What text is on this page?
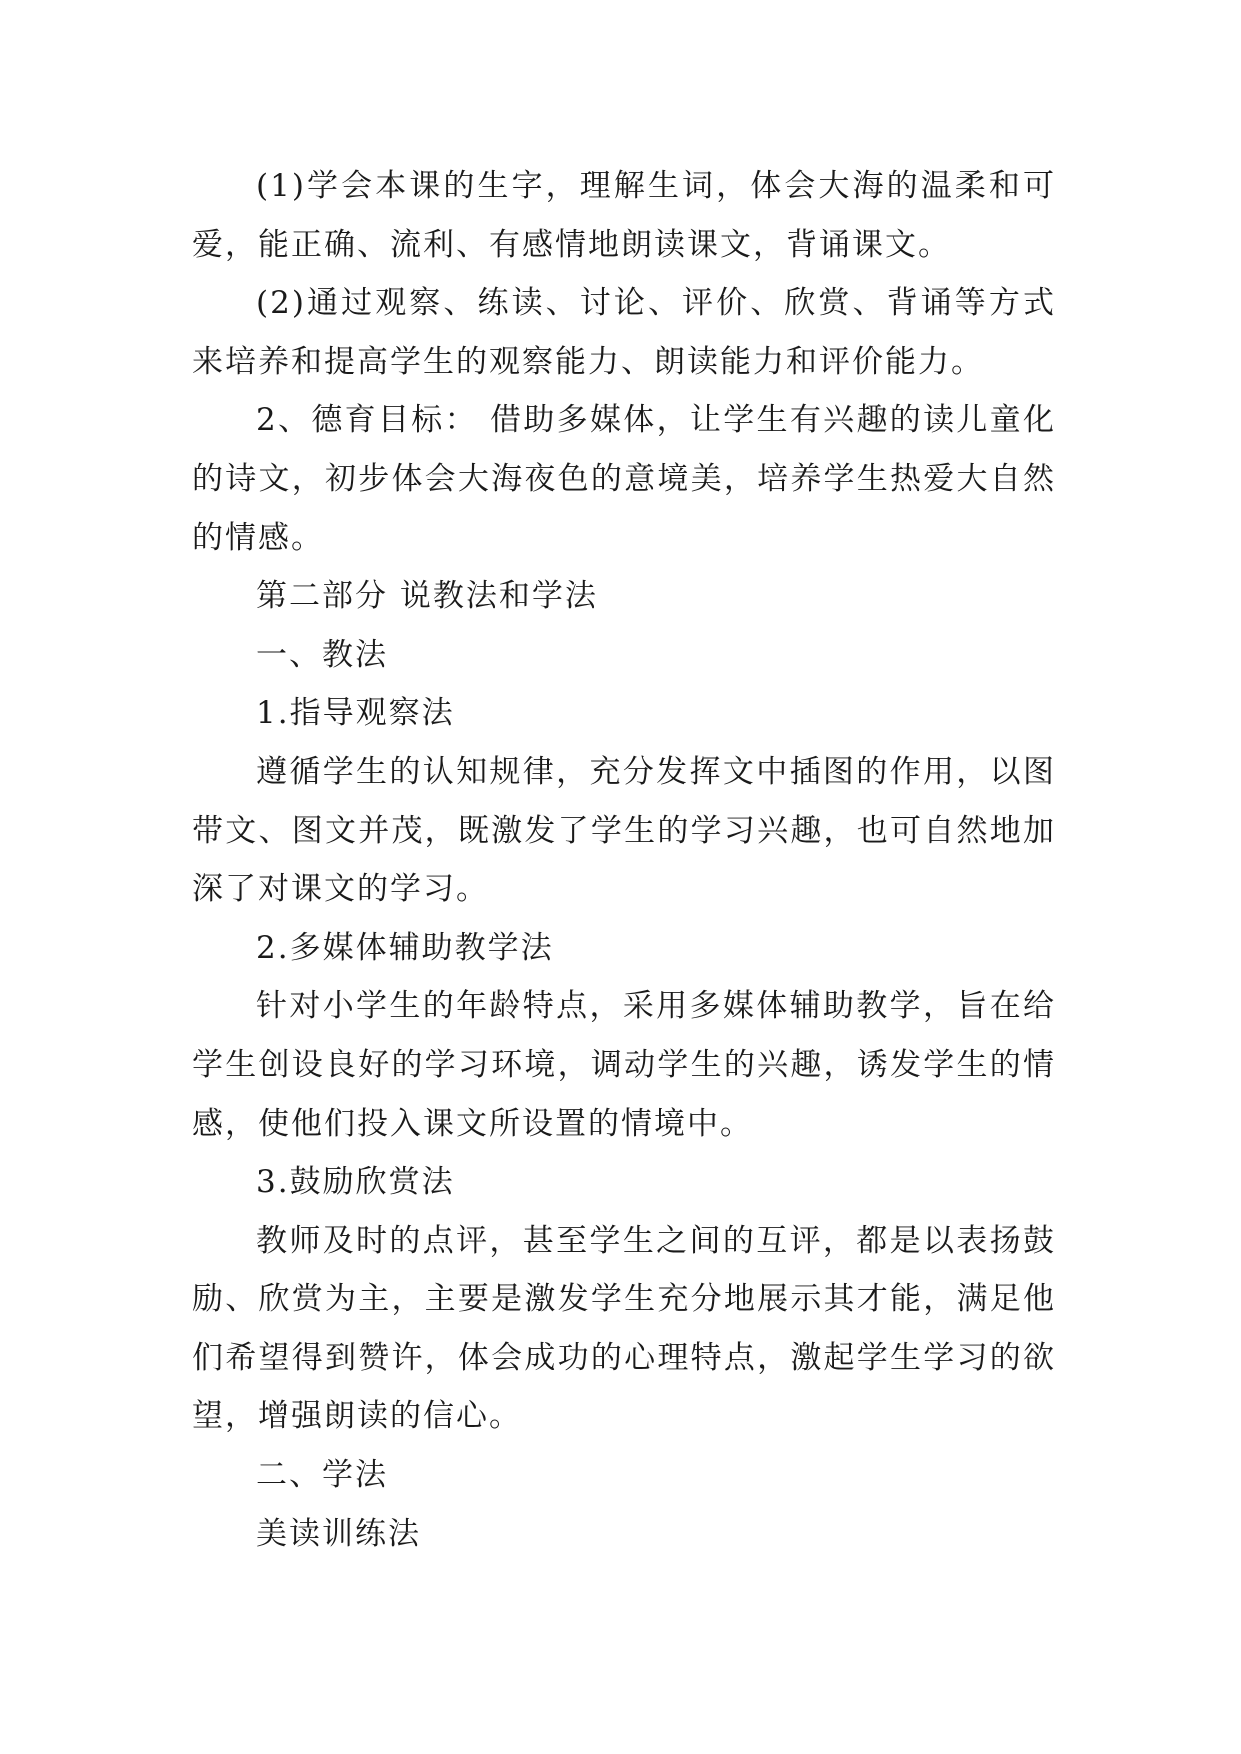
(1)学会本课的生字，理解生词，体会大海的温柔和可爱，能正确、流利、有感情地朗读课文，背诵课文。

(2)通过观察、练读、讨论、评价、欣赏、背诵等方式来培养和提高学生的观察能力、朗读能力和评价能力。

2、德育目标： 借助多媒体，让学生有兴趣的读儿童化的诗文，初步体会大海夜色的意境美，培养学生热爱大自然的情感。

第二部分 说教法和学法

一、教法

1.指导观察法

遵循学生的认知规律，充分发挥文中插图的作用，以图带文、图文并茂，既激发了学生的学习兴趣，也可自然地加深了对课文的学习。

2.多媒体辅助教学法

针对小学生的年龄特点，采用多媒体辅助教学，旨在给学生创设良好的学习环境，调动学生的兴趣，诱发学生的情感，使他们投入课文所设置的情境中。

3.鼓励欣赏法

教师及时的点评，甚至学生之间的互评，都是以表扬鼓励、欣赏为主，主要是激发学生充分地展示其才能，满足他们希望得到赞许，体会成功的心理特点，激起学生学习的欲望，增强朗读的信心。

二、学法

美读训练法
